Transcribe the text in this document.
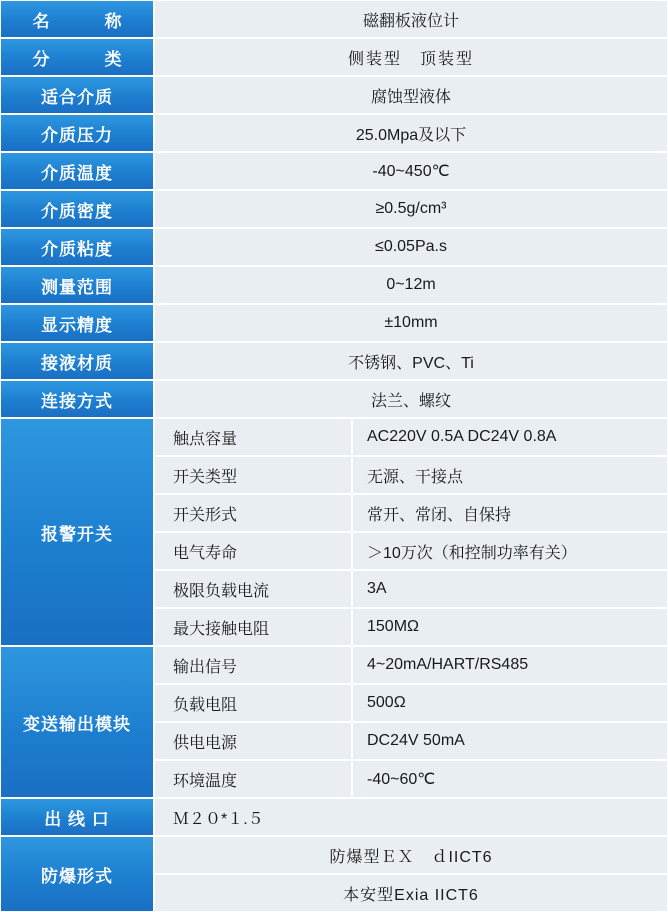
名　　称	磁翻板液位计
分　　类	侧装型　顶装型
适合介质	腐蚀型液体
介质压力	25.0Mpa及以下
介质温度	-40~450℃
介质密度	≥0.5g/cm³
介质粘度	≤0.05Pa.s
测量范围	0~12m
显示精度	±10mm
接液材质	不锈钢、PVC、Ti
连接方式	法兰、螺纹
报警开关	
触点容量	AC220V 0.5A DC24V 0.8A
开关类型	无源、干接点
开关形式	常开、常闭、自保持
电气寿命	＞10万次（和控制功率有关）
极限负载电流	3A
最大接触电阻	150MΩ

变送输出模块	
输出信号	4~20mA/HART/RS485
负载电阻	500Ω
供电电源	DC24V 50mA
环境温度	-40~60℃

出 线 口	Ｍ２０*１.５
防爆形式	
防爆型ＥＸ　ｄIICT6
本安型Exia IICT6
